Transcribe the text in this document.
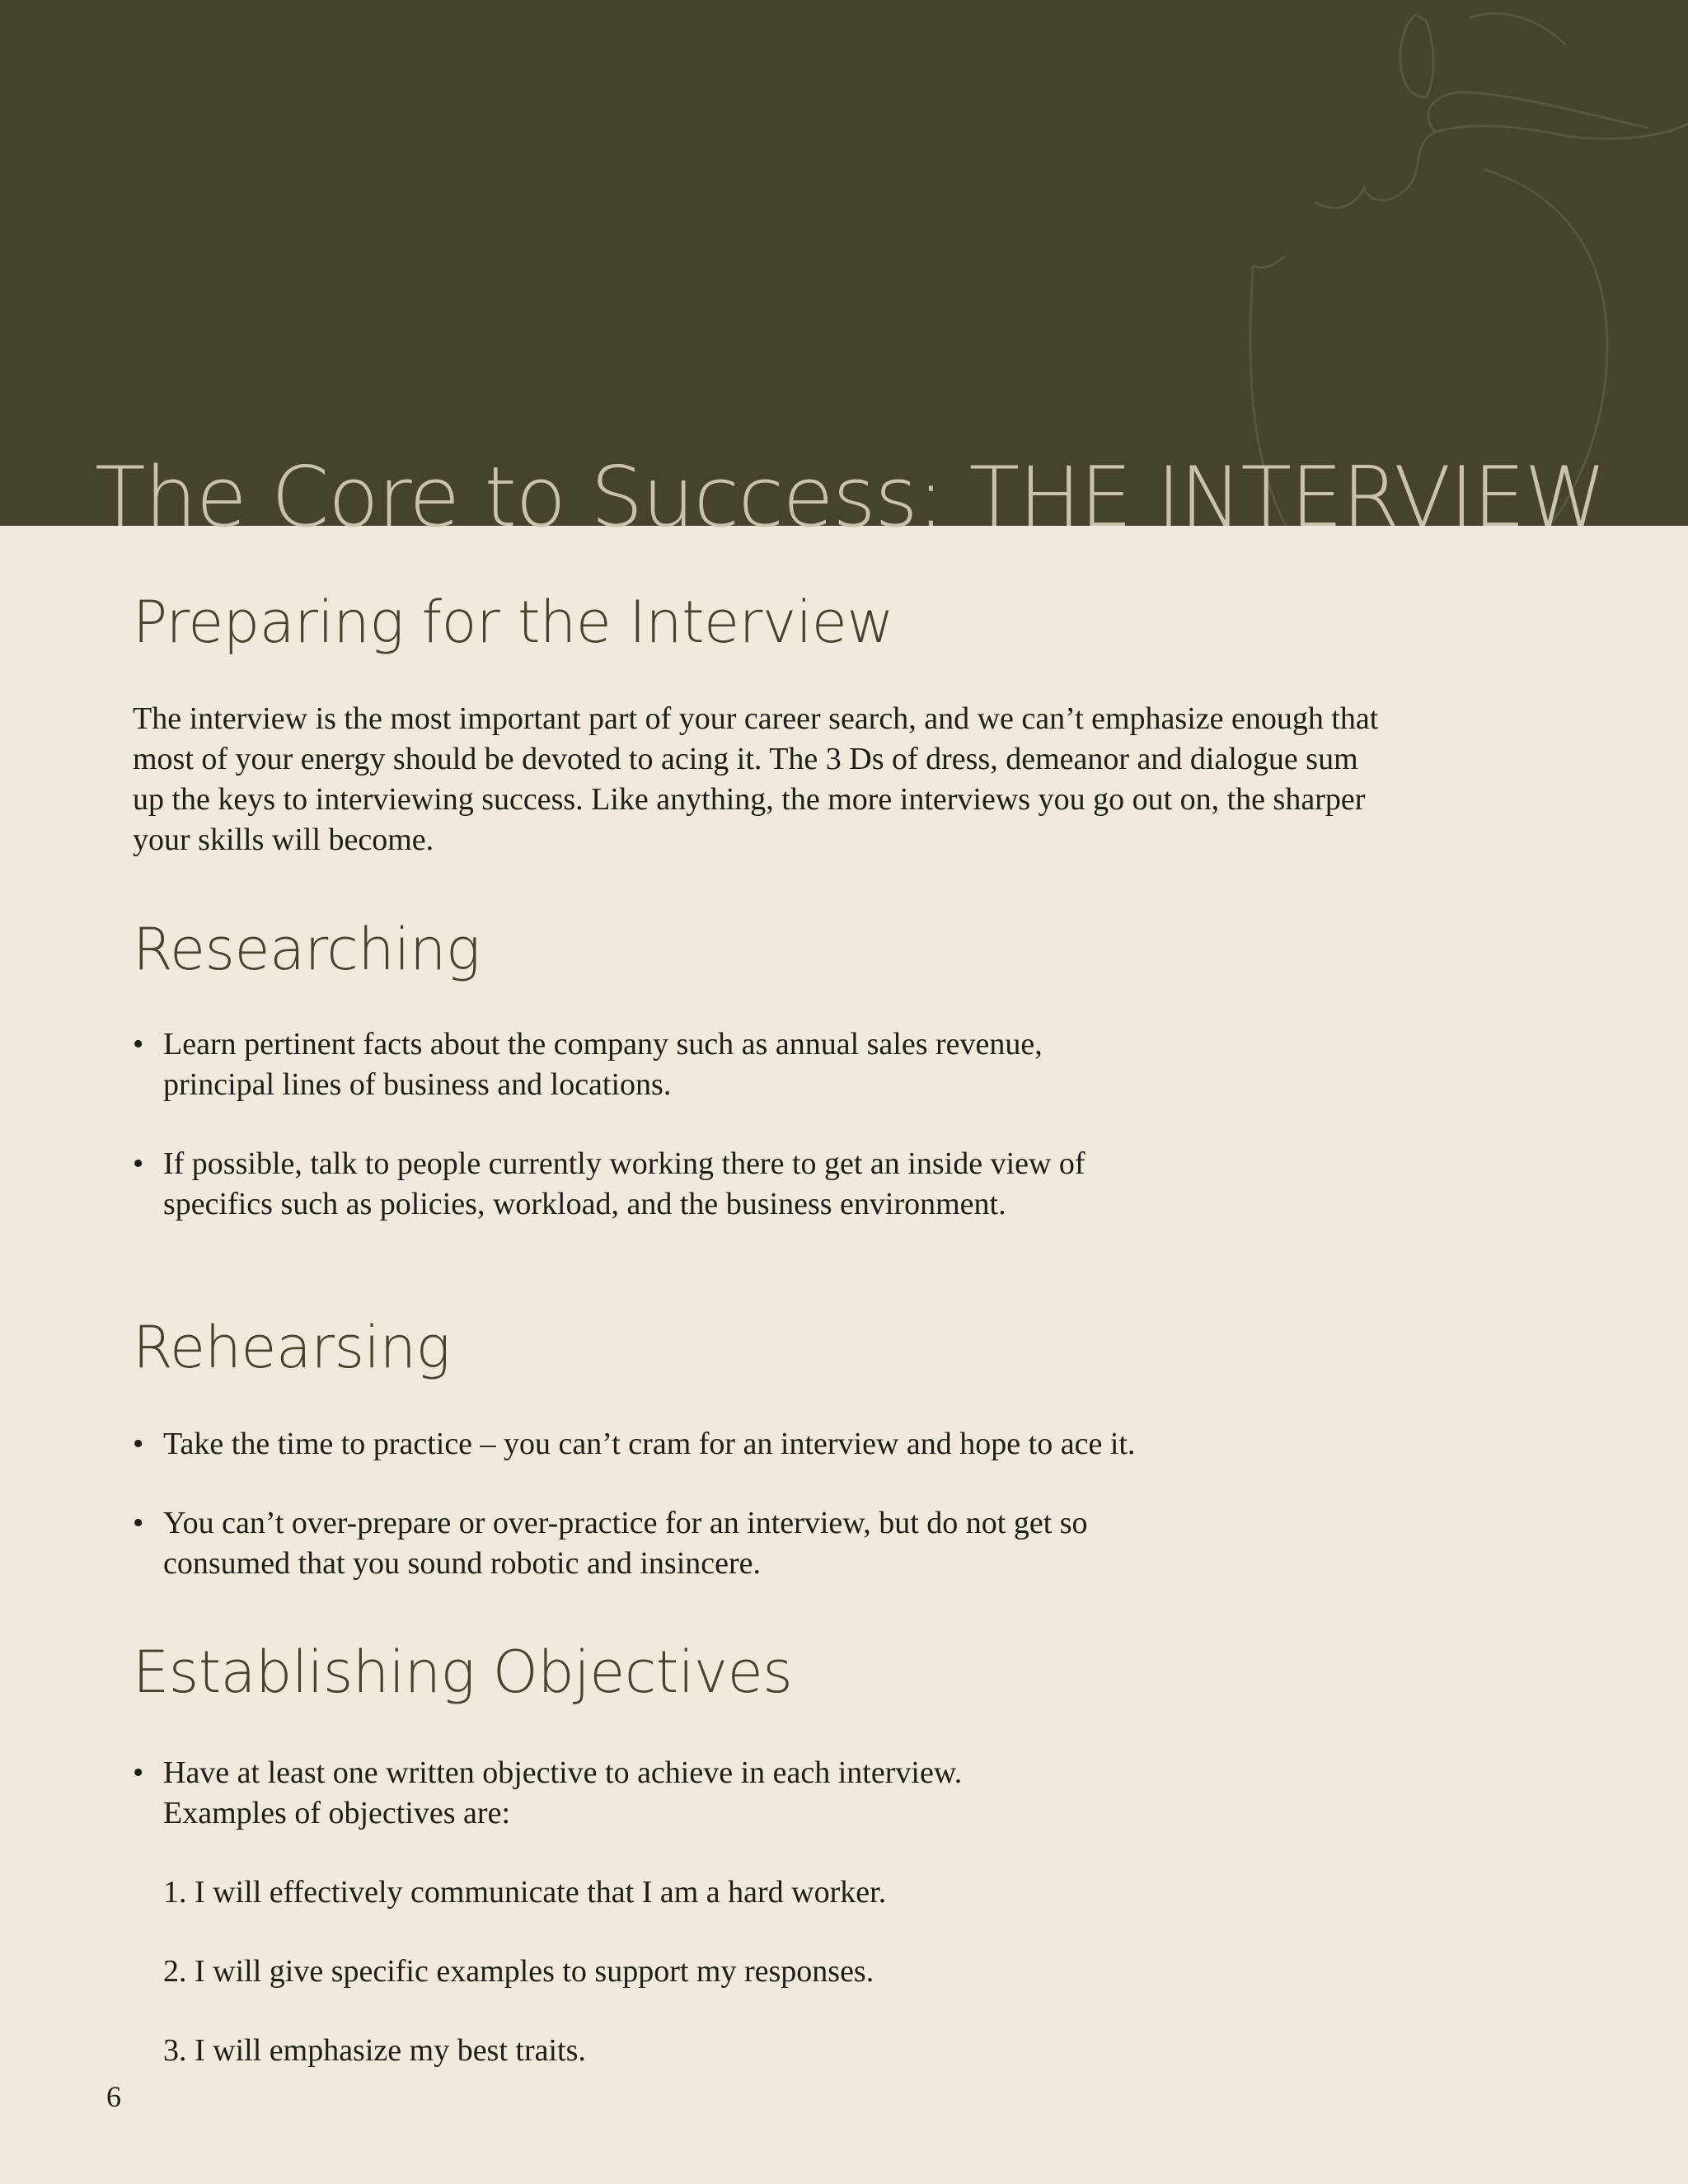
The Core to Success: THE INTERVIEW
Preparing for the Interview

The interview is the most important part of your career search, and we can’t emphasize enough that most of your energy should be devoted to acing it. The 3 Ds of dress, demeanor and dialogue sum up the keys to interviewing success. Like anything, the more interviews you go out on, the sharper your skills will become.

Researching
• Learn pertinent facts about the company such as annual sales revenue, principal lines of business and locations.
• If possible, talk to people currently working there to get an inside view of specifics such as policies, workload, and the business environment.
Rehearsing
• Take the time to practice – you can’t cram for an interview and hope to ace it.
• You can’t over-prepare or over-practice for an interview, but do not get so consumed that you sound robotic and insincere.
Establishing Objectives
• Have at least one written objective to achieve in each interview.
Examples of objectives are:
1. I will effectively communicate that I am a hard worker.
2. I will give specific examples to support my responses.
3. I will emphasize my best traits.

6
